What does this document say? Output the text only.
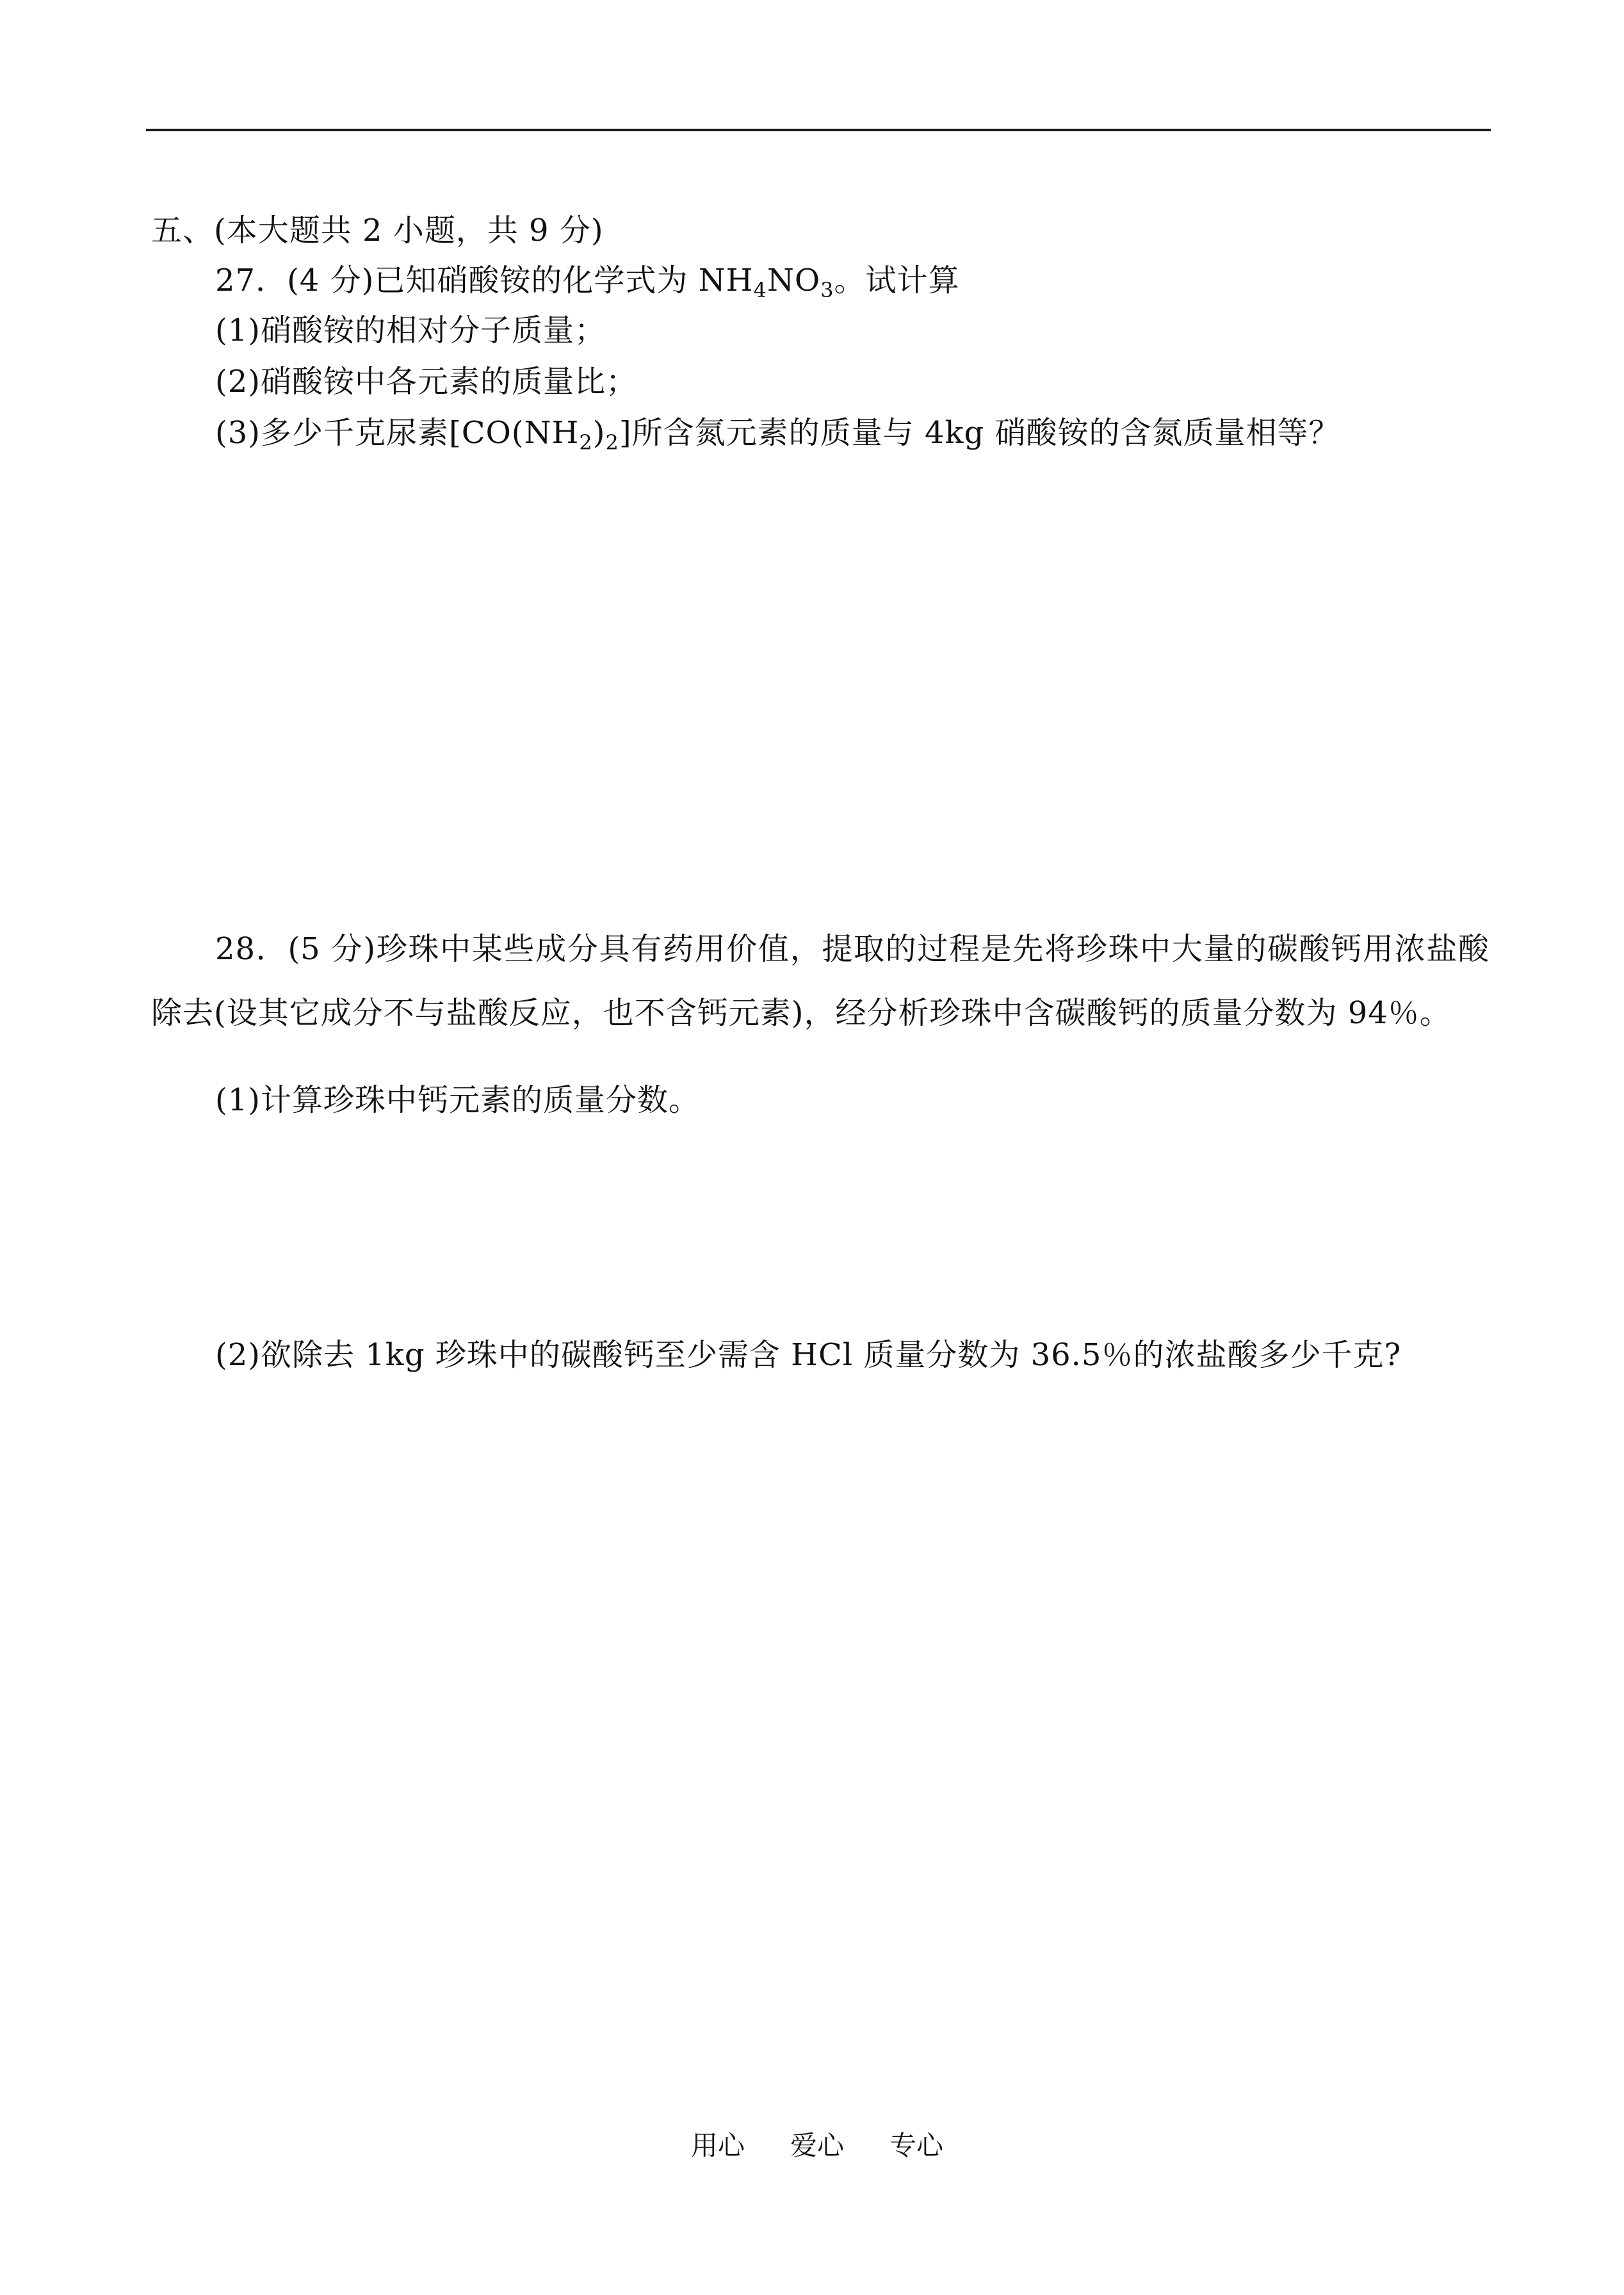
五、(本大题共 2 小题，共 9 分)
27．(4 分)已知硝酸铵的化学式为 $NH_4NO_3$。试计算
(1)硝酸铵的相对分子质量；
(2)硝酸铵中各元素的质量比；
(3)多少千克尿素$[CO(NH_2)_2]$所含氮元素的质量与 4kg 硝酸铵的含氮质量相等？
28．(5 分)珍珠中某些成分具有药用价值，提取的过程是先将珍珠中大量的碳酸钙用浓盐酸除去(设其它成分不与盐酸反应，也不含钙元素)，经分析珍珠中含碳酸钙的质量分数为 94％。
(1)计算珍珠中钙元素的质量分数。
(2)欲除去 1kg 珍珠中的碳酸钙至少需含 HCl 质量分数为 36.5％的浓盐酸多少千克?
用心 爱心 专心
